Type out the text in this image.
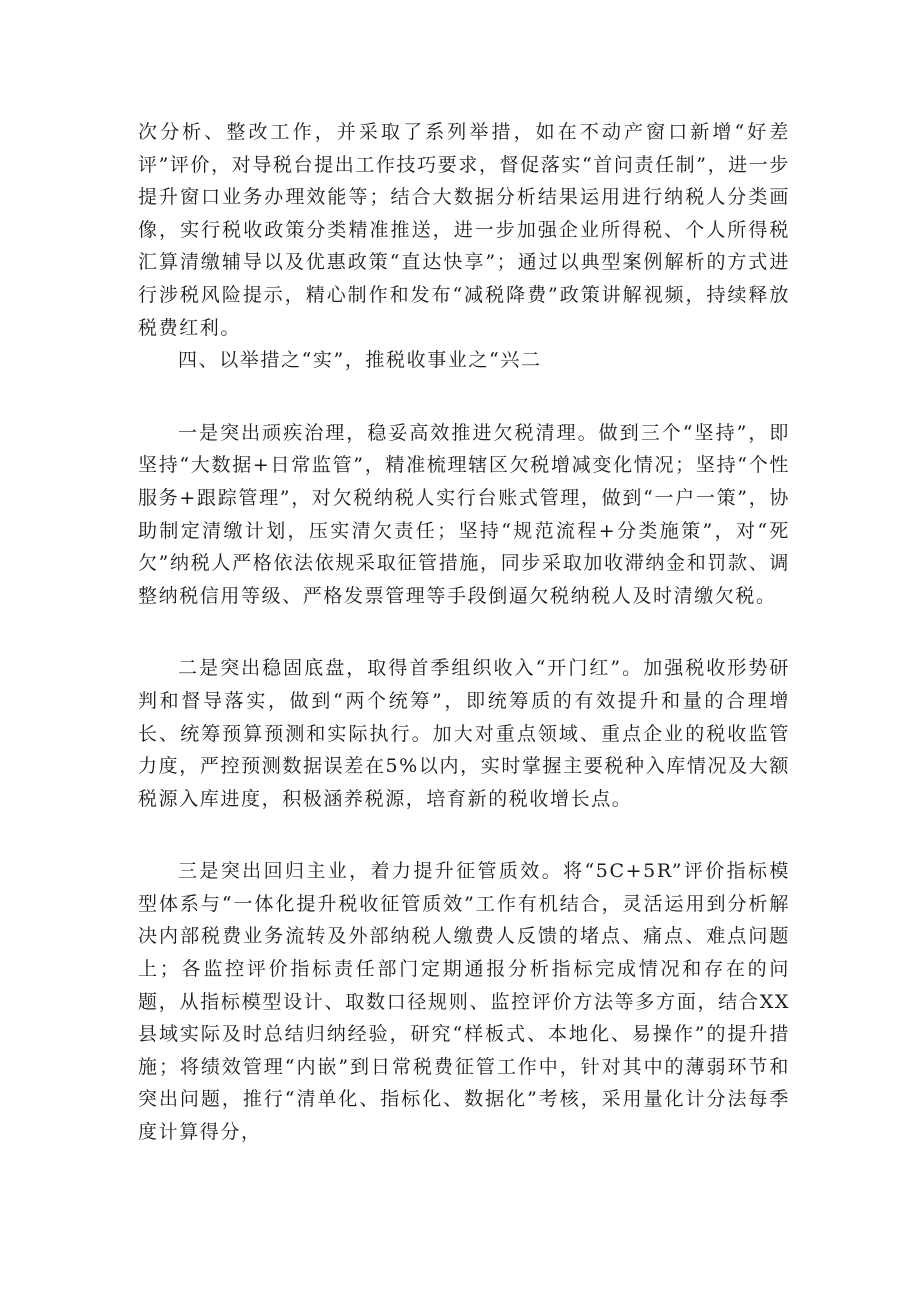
次分析、整改工作，并采取了系列举措，如在不动产窗口新增“好差评”评价，对导税台提出工作技巧要求，督促落实“首问责任制”，进一步提升窗口业务办理效能等；结合大数据分析结果运用进行纳税人分类画像，实行税收政策分类精准推送，进一步加强企业所得税、个人所得税汇算清缴辅导以及优惠政策“直达快享”；通过以典型案例解析的方式进行涉税风险提示，精心制作和发布“减税降费”政策讲解视频，持续释放税费红利。

四、以举措之“实”，推税收事业之“兴二

一是突出顽疾治理，稳妥高效推进欠税清理。做到三个“坚持”，即坚持“大数据+日常监管”，精准梳理辖区欠税增减变化情况；坚持“个性服务+跟踪管理”，对欠税纳税人实行台账式管理，做到“一户一策”，协助制定清缴计划，压实清欠责任；坚持“规范流程+分类施策”，对“死欠”纳税人严格依法依规采取征管措施，同步采取加收滞纳金和罚款、调整纳税信用等级、严格发票管理等手段倒逼欠税纳税人及时清缴欠税。

二是突出稳固底盘，取得首季组织收入“开门红”。加强税收形势研判和督导落实，做到“两个统筹”，即统筹质的有效提升和量的合理增长、统筹预算预测和实际执行。加大对重点领域、重点企业的税收监管力度，严控预测数据误差在5%以内，实时掌握主要税种入库情况及大额税源入库进度，积极涵养税源，培育新的税收增长点。

三是突出回归主业，着力提升征管质效。将“5C+5R”评价指标模型体系与“一体化提升税收征管质效”工作有机结合，灵活运用到分析解决内部税费业务流转及外部纳税人缴费人反馈的堵点、痛点、难点问题上；各监控评价指标责任部门定期通报分析指标完成情况和存在的问题，从指标模型设计、取数口径规则、监控评价方法等多方面，结合XX县域实际及时总结归纳经验，研究“样板式、本地化、易操作”的提升措施；将绩效管理“内嵌”到日常税费征管工作中，针对其中的薄弱环节和突出问题，推行“清单化、指标化、数据化”考核，采用量化计分法每季度计算得分，
